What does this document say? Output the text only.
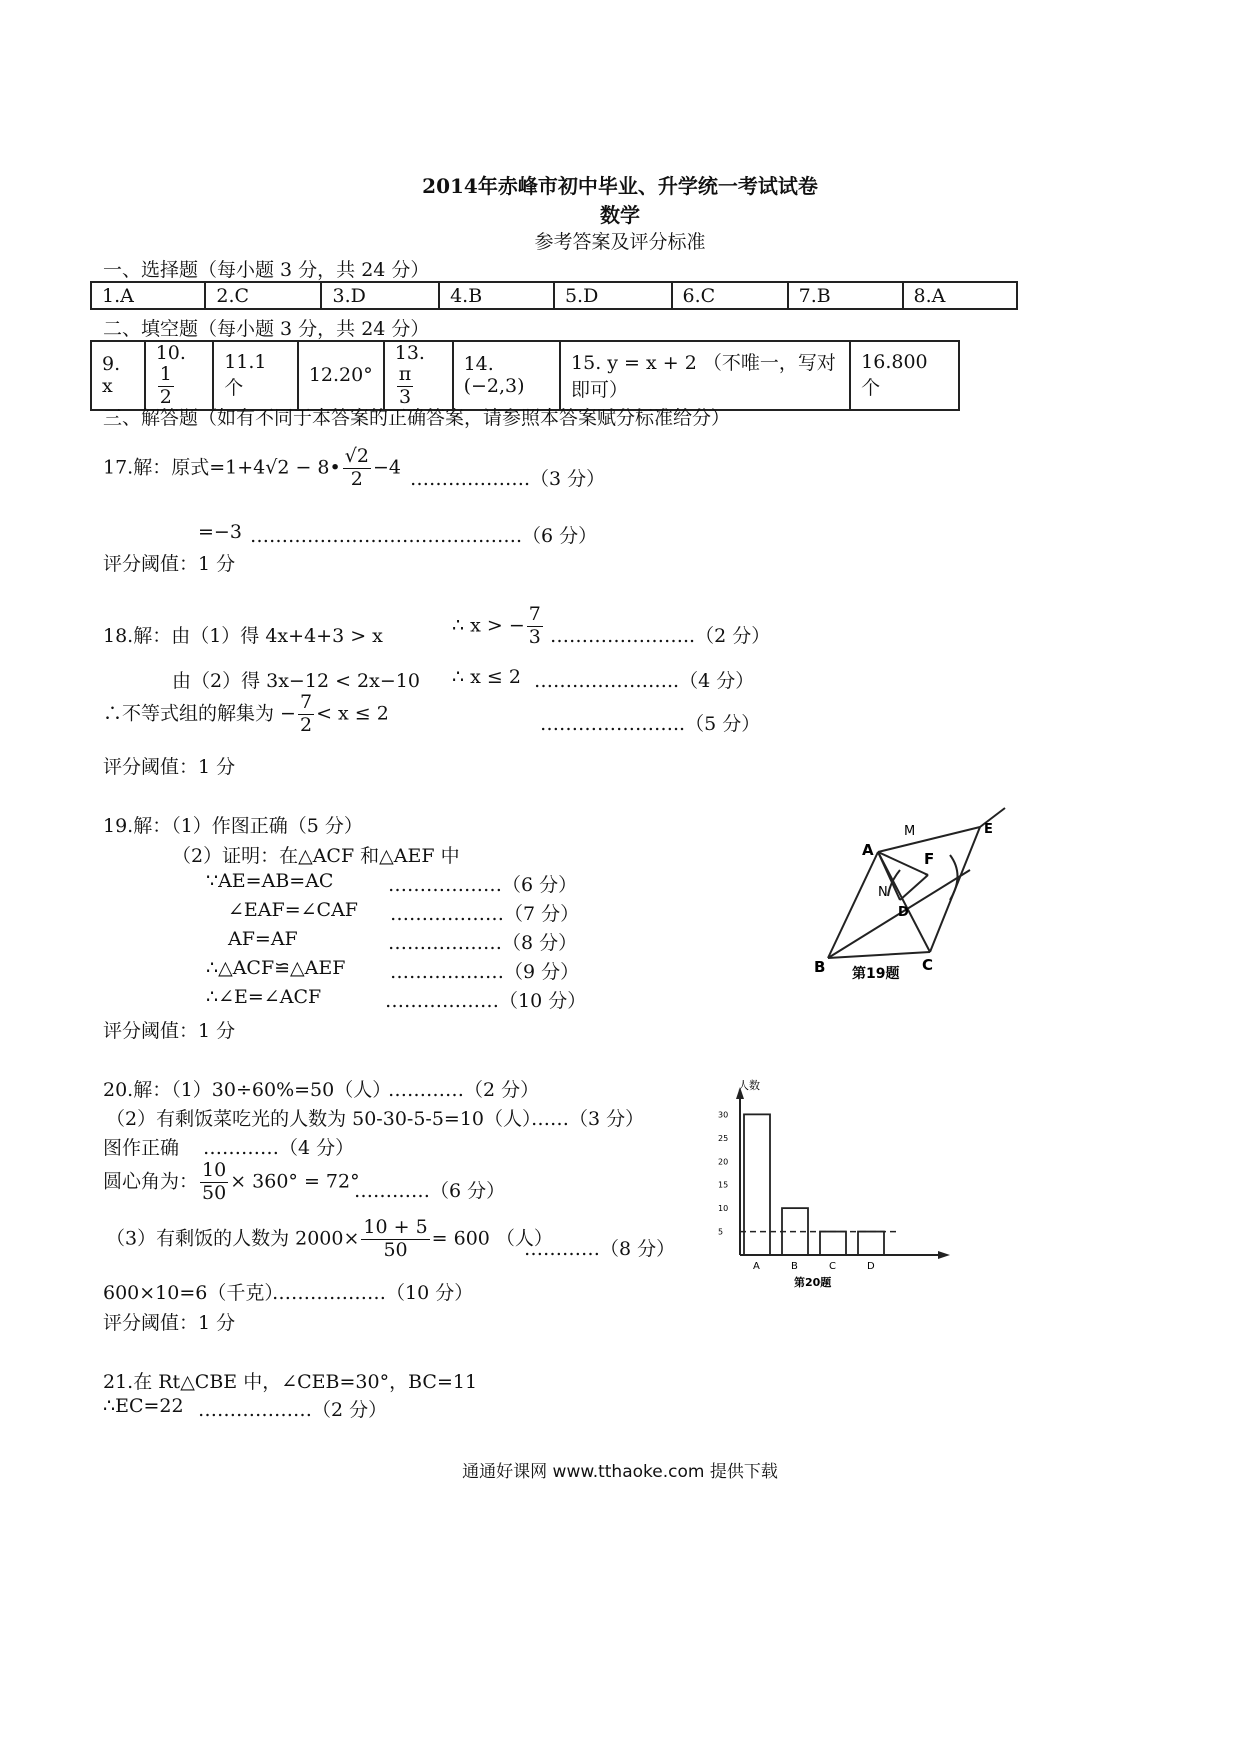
2014年赤峰市初中毕业、升学统一考试试卷
数学
参考答案及评分标准
一、选择题（每小题 3 分，共 24 分）
1.A	2.C	3.D	4.B	5.D	6.C	7.B	8.A
二、填空题（每小题 3 分，共 24 分）
9. x	10.
$\frac{1}{2}$
	11.1 个	12.20°	13.
$\frac{\pi}{3}$	14.(−2,3)	15. y = x + 2 （不唯一，写对即可）	16.800 个
三、解答题（如有不同于本答案的正确答案，请参照本答案赋分标准给分）
17.解：原式=1+4√2 − 8• $\frac{√2}{2} -4$
……………….（3 分）
=−3 …………………………………….（6 分）
评分阈值：1 分
18.解：由（1）得 4x+4+3 > x	∴ x > − $\frac{7}{3}$ …………………..（2 分）
由（2）得 3x−12 < 2x−10 ∴ x ≤ 2 …………………..（4 分）
∴不等式组的解集为 − $\frac{7}{2} < x \le 2$	…………………..（5 分）
评分阈值：1 分
19.解：（1）作图正确（5 分）
（2）证明：在△ACF 和△AEF 中
∵AE=AB=AC	………………（6 分）
∠EAF=∠CAF ………………（7 分）
AF=AF	………………（8 分）
∴△ACF≌△AEF ………………（9 分）
∴∠E=∠ACF	………………（10 分）
评分阈值：1 分
A
B	C
D
E
F
M
N
第19题
20.解：（1）30÷60%=50（人）
…………（2 分）
（2）有剩饭菜吃光的人数为 50-30-5-5=10（人）
……（3 分）
图作正确 …………（4 分）
圆心角为： $\frac{10}{50} \times 360^\circ = 72^\circ$
…………（6 分）
（3）有剩饭的人数为 $2000\times \frac{10 + 5}{50} = 600$ （人）
…………（8 分）
600×10=6（千克）
………………（10 分）
评分阈值：1 分
人数
第20题
30
25
20
15
10
5
A	B	C	D
21.在 Rt△CBE 中，∠CEB=30°，BC=11
∴EC=22 ………………（2 分）
通通好课网 www.tthaoke.com 提供下载
